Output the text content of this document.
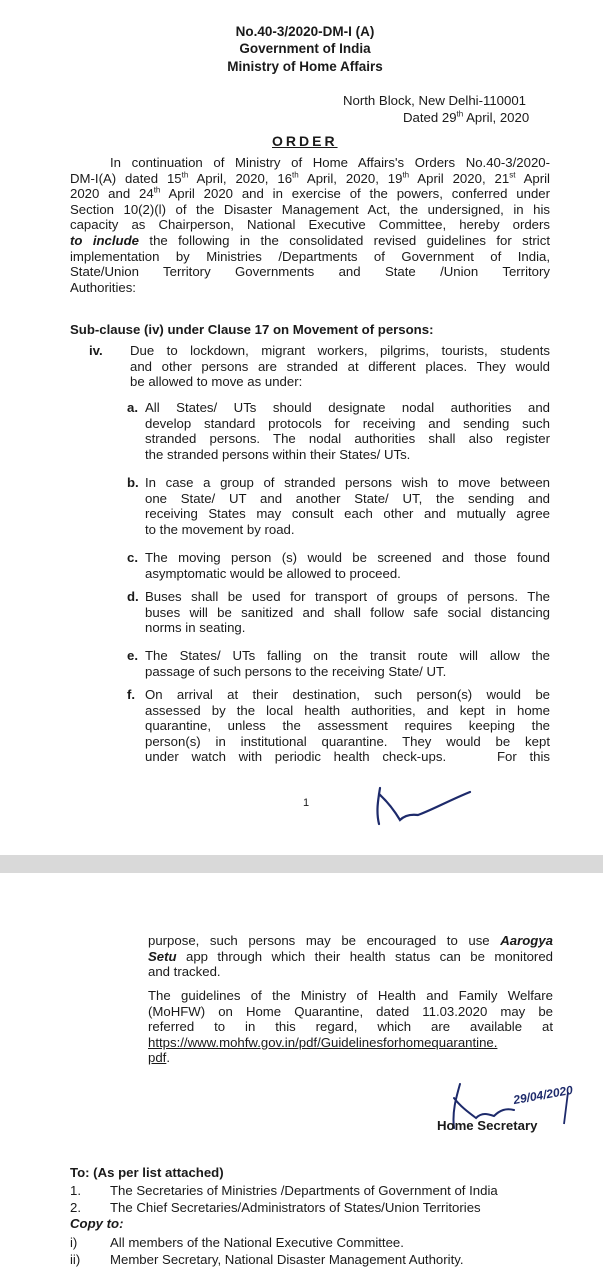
No.40-3/2020-DM-I (A)
Government of India
Ministry of Home Affairs
North Block, New Delhi-110001
Dated 29th April, 2020
ORDER
In continuation of Ministry of Home Affairs's Orders No.40-3/2020-
DM-I(A) dated 15th April, 2020, 16th April, 2020, 19th April 2020, 21st April
2020 and 24th April 2020 and in exercise of the powers, conferred under
Section 10(2)(l) of the Disaster Management Act, the undersigned, in his
capacity as Chairperson, National Executive Committee, hereby orders
to include the following in the consolidated revised guidelines for strict
implementation by Ministries /Departments of Government of India,
State/Union Territory Governments and State /Union Territory
Authorities:
Sub-clause (iv) under Clause 17 on Movement of persons:
iv. Due to lockdown, migrant workers, pilgrims, tourists, students
and other persons are stranded at different places. They would
be allowed to move as under:
a. All States/ UTs should designate nodal authorities and
develop standard protocols for receiving and sending such
stranded persons. The nodal authorities shall also register
the stranded persons within their States/ UTs.
b. In case a group of stranded persons wish to move between
one State/ UT and another State/ UT, the sending and
receiving States may consult each other and mutually agree
to the movement by road.
c. The moving person (s) would be screened and those found
asymptomatic would be allowed to proceed.
d. Buses shall be used for transport of groups of persons. The
buses will be sanitized and shall follow safe social distancing
norms in seating.
e. The States/ UTs falling on the transit route will allow the
passage of such persons to the receiving State/ UT.
f. On arrival at their destination, such person(s) would be
assessed by the local health authorities, and kept in home
quarantine, unless the assessment requires keeping the
person(s) in institutional quarantine. They would be kept
under watch with periodic health check-ups.    For this
1
purpose, such persons may be encouraged to use Aarogya
Setu app through which their health status can be monitored
and tracked.
The guidelines of the Ministry of Health and Family Welfare
(MoHFW) on Home Quarantine, dated 11.03.2020 may be
referred to in this regard, which are available at
https://www.mohfw.gov.in/pdf/Guidelinesforhomequarantine.
pdf.
29/04/2020
Home Secretary
To: (As per list attached)
1. The Secretaries of Ministries /Departments of Government of India
2. The Chief Secretaries/Administrators of States/Union Territories
Copy to:
i) All members of the National Executive Committee.
ii) Member Secretary, National Disaster Management Authority.
